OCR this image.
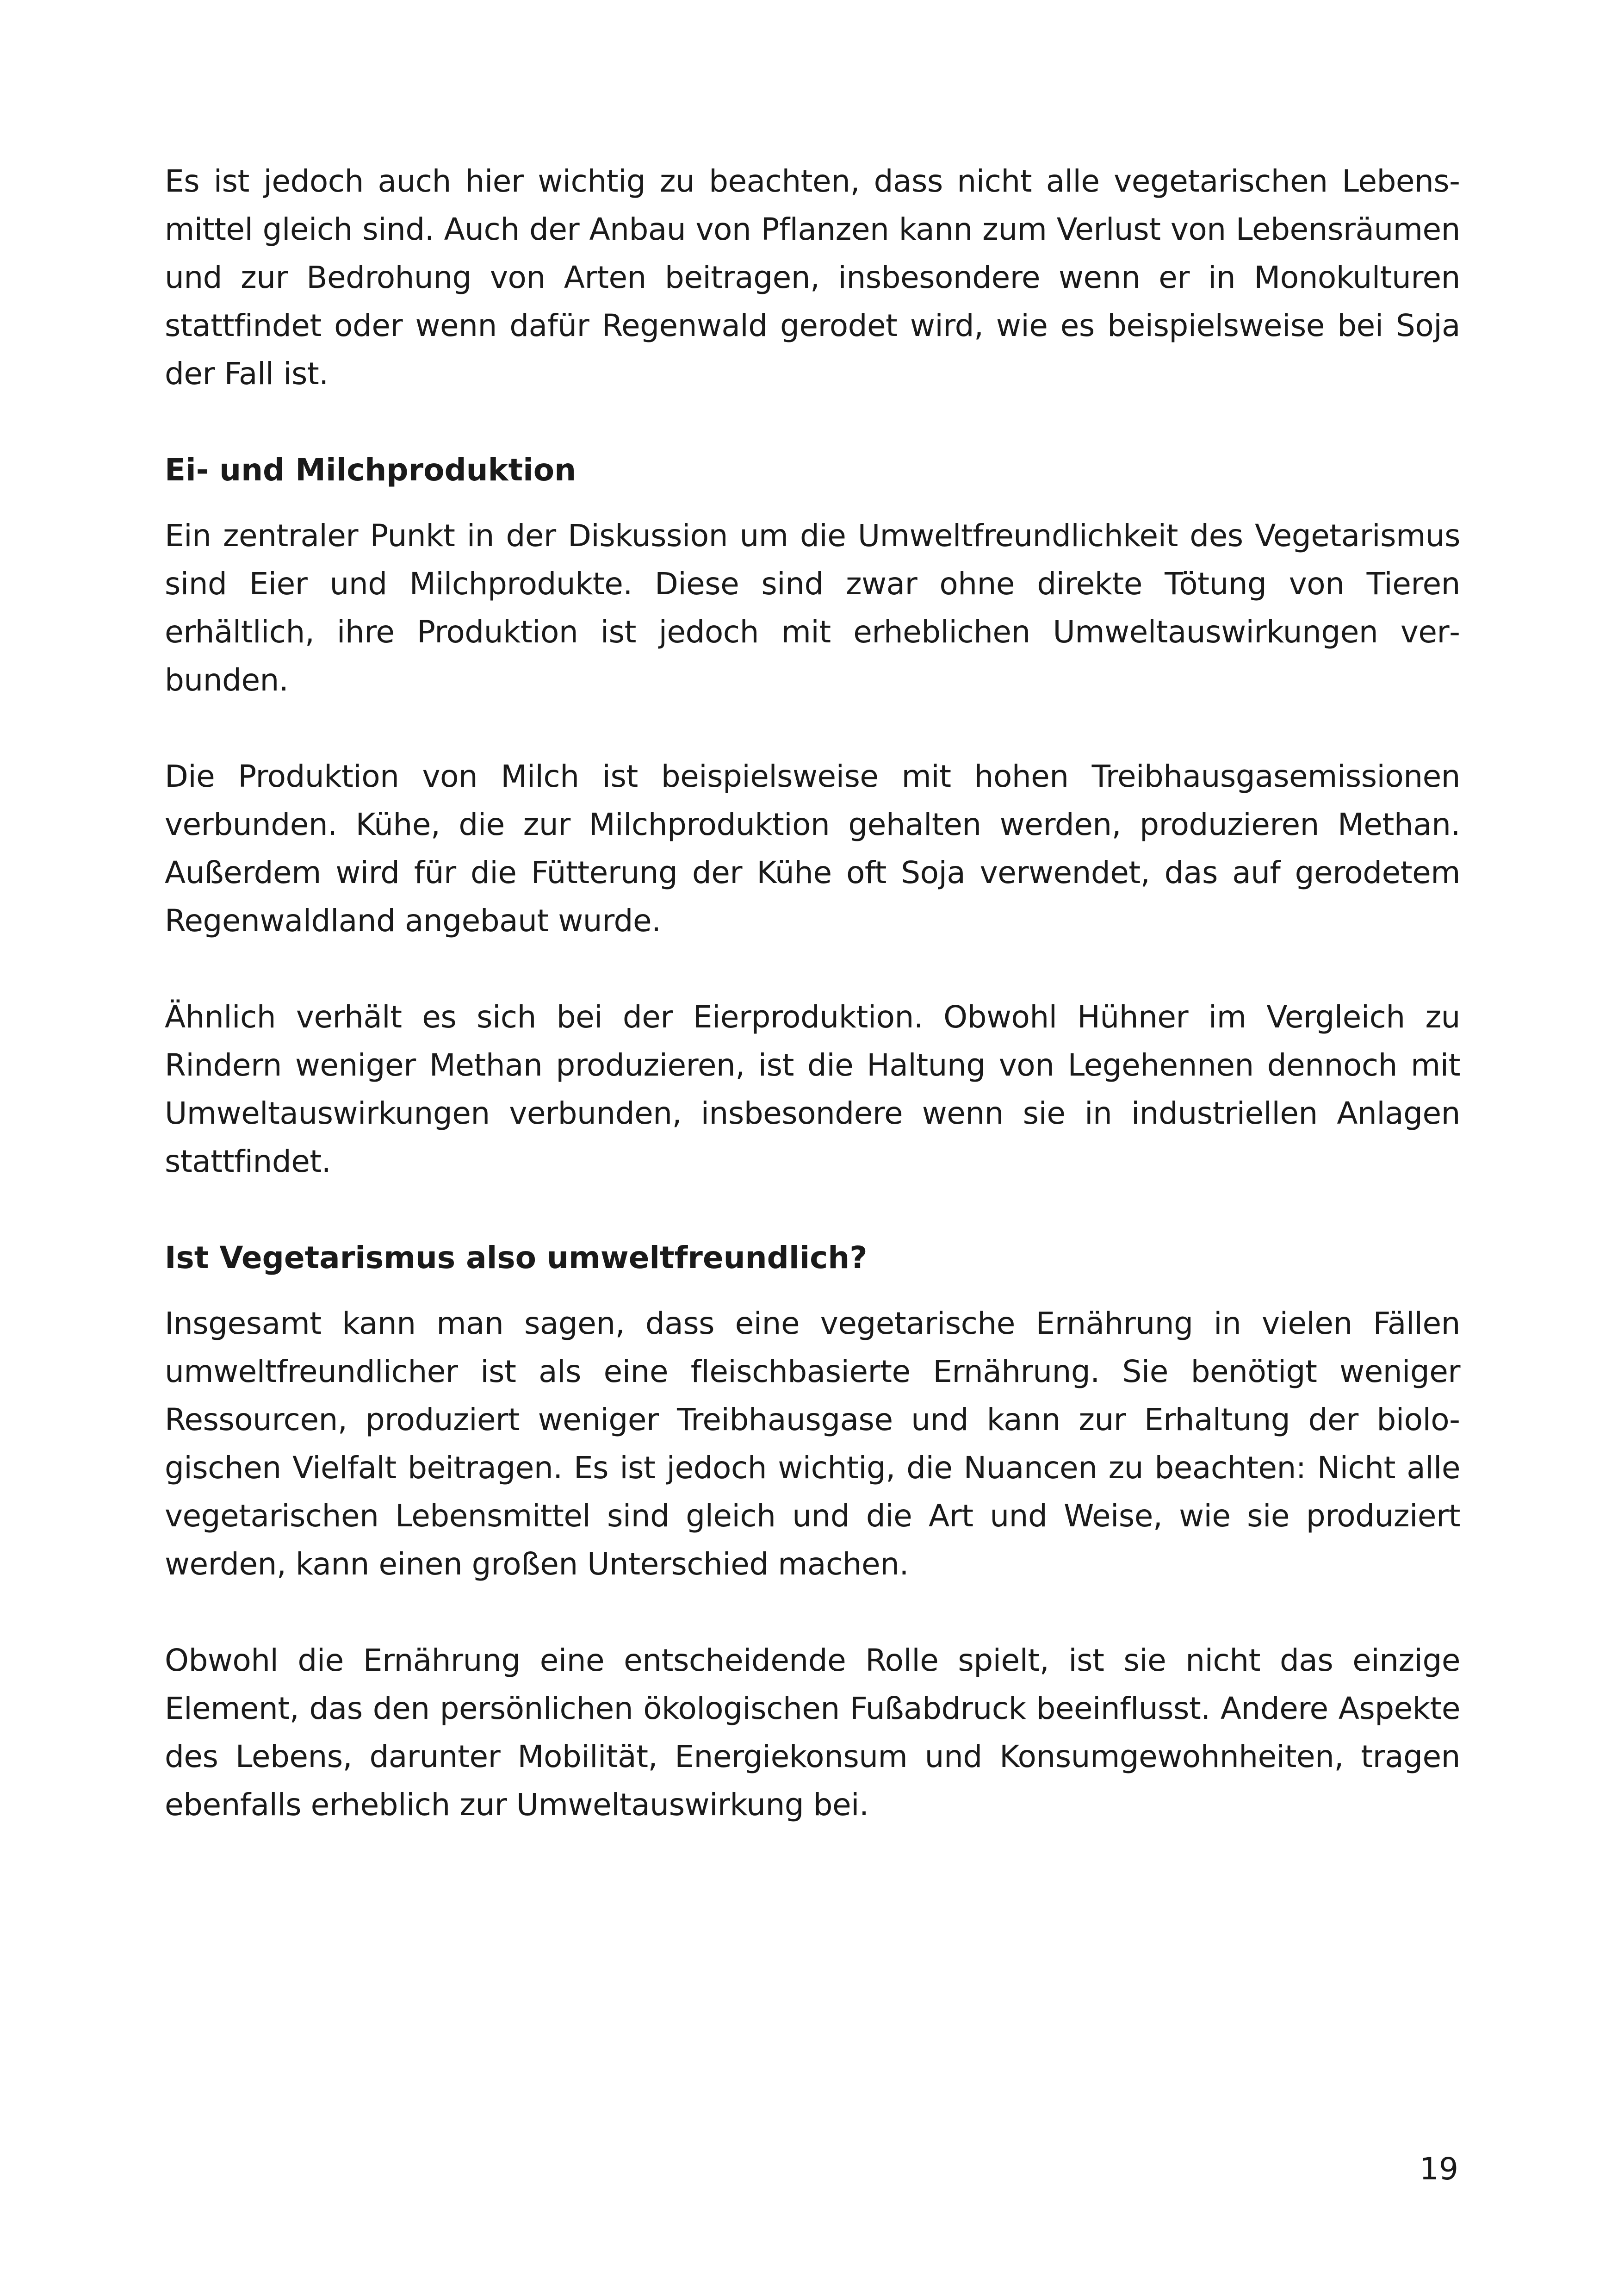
Es ist jedoch auch hier wichtig zu beachten, dass nicht alle vegetarischen Lebensmittel gleich sind. Auch der Anbau von Pflanzen kann zum Verlust von Lebensräumen und zur Bedrohung von Arten beitragen, insbesondere wenn er in Monokulturen stattfindet oder wenn dafür Regenwald gerodet wird, wie es beispielsweise bei Soja der Fall ist.

Ei- und Milchproduktion

Ein zentraler Punkt in der Diskussion um die Umweltfreundlichkeit des Vegetarismus sind Eier und Milchprodukte. Diese sind zwar ohne direkte Tötung von Tieren erhältlich, ihre Produktion ist jedoch mit erheblichen Umweltauswirkungen verbunden.

Die Produktion von Milch ist beispielsweise mit hohen Treibhausgasemissionen verbunden. Kühe, die zur Milchproduktion gehalten werden, produzieren Methan. Außerdem wird für die Fütterung der Kühe oft Soja verwendet, das auf gerodetem Regenwaldland angebaut wurde.

Ähnlich verhält es sich bei der Eierproduktion. Obwohl Hühner im Vergleich zu Rindern weniger Methan produzieren, ist die Haltung von Legehennen dennoch mit Umweltauswirkungen verbunden, insbesondere wenn sie in industriellen Anlagen stattfindet.

Ist Vegetarismus also umweltfreundlich?

Insgesamt kann man sagen, dass eine vegetarische Ernährung in vielen Fällen umweltfreundlicher ist als eine fleischbasierte Ernährung. Sie benötigt weniger Ressourcen, produziert weniger Treibhausgase und kann zur Erhaltung der biologischen Vielfalt beitragen. Es ist jedoch wichtig, die Nuancen zu beachten: Nicht alle vegetarischen Lebensmittel sind gleich und die Art und Weise, wie sie produziert werden, kann einen großen Unterschied machen.

Obwohl die Ernährung eine entscheidende Rolle spielt, ist sie nicht das einzige Element, das den persönlichen ökologischen Fußabdruck beeinflusst. Andere Aspekte des Lebens, darunter Mobilität, Energiekonsum und Konsumgewohnheiten, tragen ebenfalls erheblich zur Umweltauswirkung bei.

19
